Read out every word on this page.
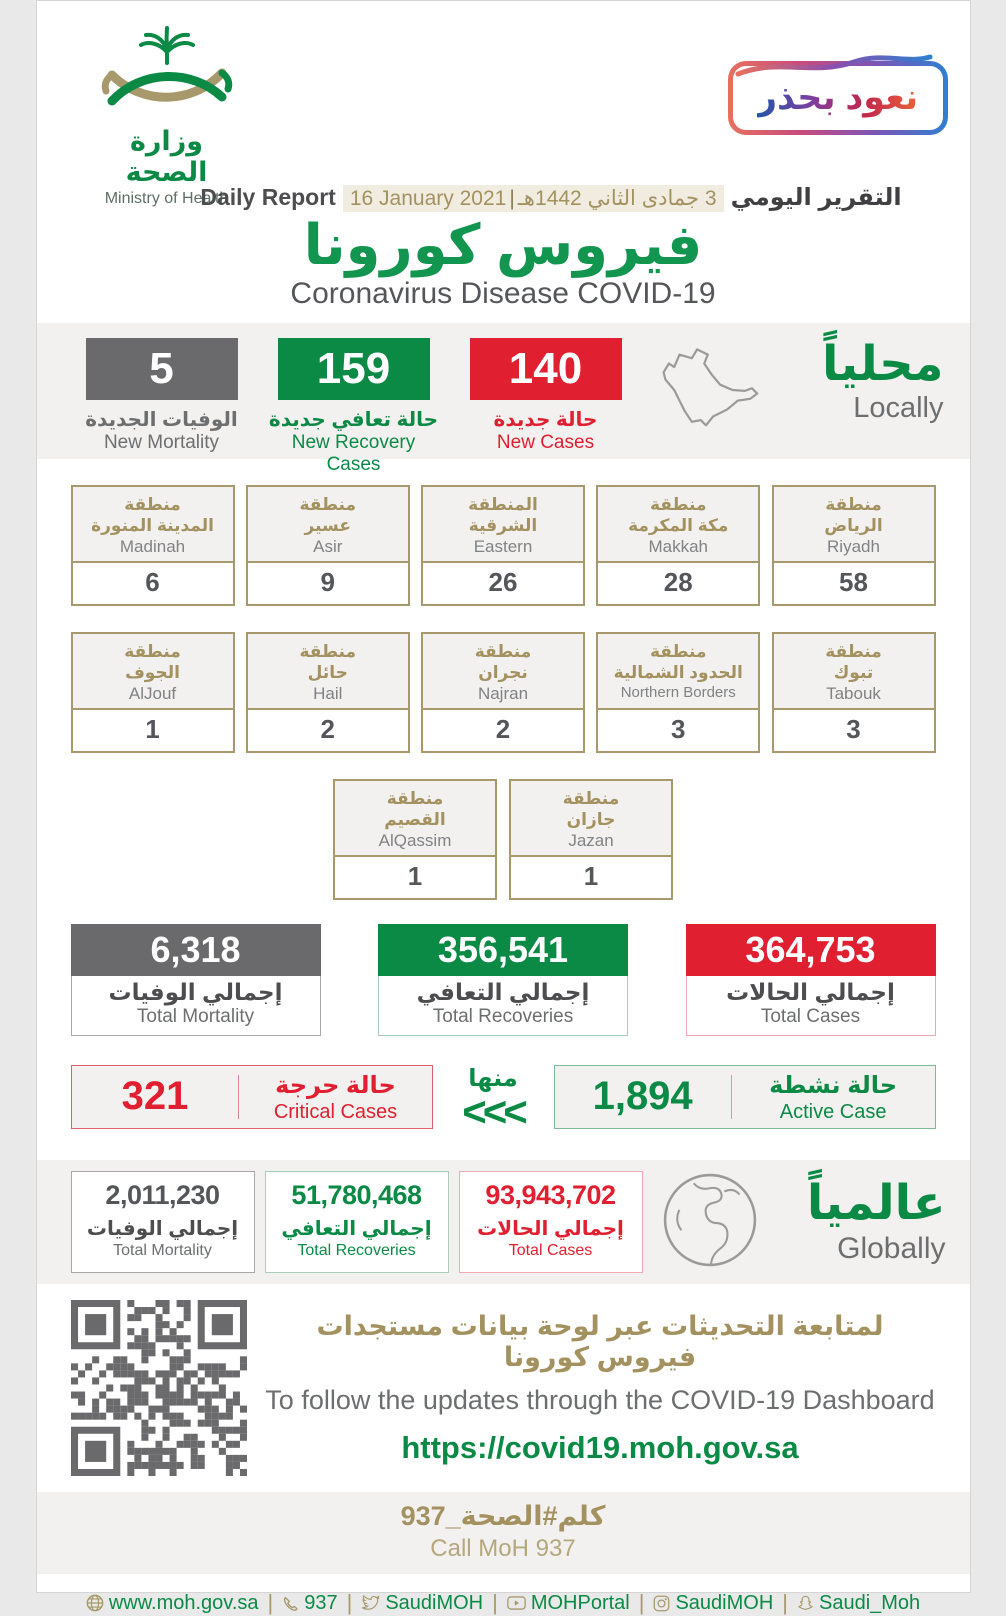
وزارة الصحة
Ministry of Health
نعود بحذر
Daily Report 16 January 2021 | 3 جمادى الثاني 1442هـ التقرير اليومي
فيروس كورونا
Coronavirus Disease COVID-19
5
الوفيات الجديدة
New Mortality
159
حالة تعافي جديدة
New Recovery Cases
140
حالة جديدة
New Cases
محلياً
Locally
منطقة
المدينة المنورة
Madinah
6
منطقة
عسير
Asir
9
المنطقة
الشرقية
Eastern
26
منطقة
مكة المكرمة
Makkah
28
منطقة
الرياض
Riyadh
58
منطقة
الجوف
AlJouf
1
منطقة
حائل
Hail
2
منطقة
نجران
Najran
2
منطقة
الحدود الشمالية
Northern Borders
3
منطقة
تبوك
Tabouk
3
منطقة
القصيم
AlQassim
1
منطقة
جازان
Jazan
1
6,318
إجمالي الوفيات
Total Mortality
356,541
إجمالي التعافي
Total Recoveries
364,753
إجمالي الحالات
Total Cases
321	حالة حرجة
Critical Cases
منها
<<<	1,894	حالة نشطة
Active Case
2,011,230
إجمالي الوفيات
Total Mortality
51,780,468
إجمالي التعافي
Total Recoveries
93,943,702
إجمالي الحالات
Total Cases
عالمياً
Globally
لمتابعة التحديثات عبر لوحة بيانات مستجدات فيروس كورونا
To follow the updates through the COVID-19 Dashboard
https://covid19.moh.gov.sa
كلم#الصحة_937
Call MoH 937
www.moh.gov.sa | 937 | SaudiMOH | MOHPortal | SaudiMOH | Saudi_Moh
